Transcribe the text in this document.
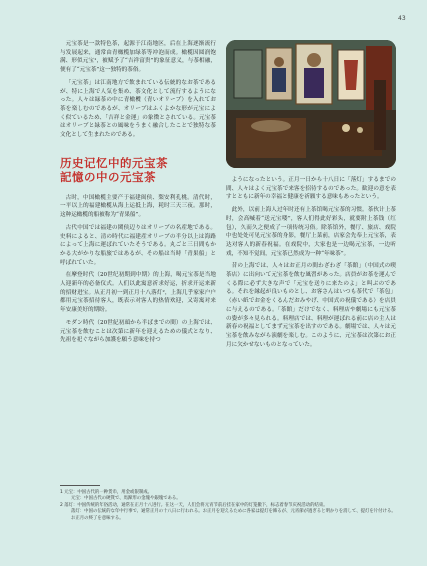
43

元宝茶是一款特色茶，起源于江南地区，后在上海逐渐流行与发展起来，通常由青橄榄加绿茶等冲泡而成。橄榄因圆润饱满、形似元宝¹，被赋予了“吉祥富贵”的象征意义，与茶相融，便有了“元宝茶”这一独特的茶俗。

「元宝茶」は江南地方で飲まれている伝統的なお茶であるが、特に上海で人気を集め、茶文化として流行するようになった。人々は緑茶の中に青橄欖（青いオリーブ）を入れてお茶を楽しむのであるが、オリーブはふくよかな形が元宝によく似ているため、「吉祥と金運」の象徴とされている。元宝茶はオリーブと緑茶との風味をうまく融合したことで独特な茶文化として生まれたのである。

历史记忆中的元宝茶
記憶の中の元宝茶

古时，中国橄榄主要产于福建闽侯、梨安利孔桃。清代时，一平以上的福建橄榄从海上运抵上海，耗时三天三夜。那时，这种运橄榄的船被称为“青果船”。

古代中国では福建の閩侯辺りはオリーブの名産地である。史料によると、清の時代に福建産オリーブの半分以上は海路によって上海に運ばれていたそうである。丸ごと三日間もかかる大がかりな船旅ではあるが、その船は当時「青果船」と呼ばれていた。

在摩登时代（20世纪初期到中期）的上海，喝元宝茶是当地人迎新年的必备仪式。人们以此寓意祈求好运，折求开运来新的招财进宝。从正月初一到正月十八落灯²，上海几乎家家户户都用元宝茶招待客人，既表示对客人的热情欢迎，又寄寓对来年安康美好的期盼。

モダン時代（20世紀初頭から半ばまでの間）の上海では、元宝茶を飲むことは次第に新年を迎えるための儀式となり、先祖を祀ぐながら加護を願う意味を持つ

ようになったという。正月一日から十八日に「落灯」するまでの間、人々はよく元宝茶で来客を招待するのであった。歓迎の意を表すとともに新年の幸福と健康を祈願する意味もあったという。

此外，以前上海人过年时还有上茶馆喝元宝茶的习惯。茶伙计上茶时，会高喊着“送元宝喽”，客人们得此好彩头，就要附上茶钱（红包），久而久之便成了一项传统习俗。除茶馆外，餐厅、旅店、戏院中也处处可见元宝茶的身影，餐厅上菜前，店家会先奉上元宝茶，表达对客人的新春祝福。在戏院中，大家也是一边喝元宝茶，一边听戏，不知不觉间，元宝茶已然成为一种“年味茶”。

昔の上海では、人々はお正月の間わざわざ「茶館」（中国式の喫茶店）に出向いて元宝茶を飲む風習があった。店員がお茶を運んでくる際に必ず大きな声で「元宝を送りに来たのよ」と叫ぶのである。それを縁起が良いものとし、お客さんはいつも茶代で「茶包」（赤い紙でお金をくるんだおみやげ、中国式の祝儀である）を店員に与えるのである。「茶館」だけでなく、料理店や劇場にも元宝茶の姿が多々見られる。料理店では、料理が運ばれる前に店の主人は新春の祝福としてまず元宝茶を出すのである。劇場では、人々は元宝茶を飲みながら演劇を楽しむ。このように、元宝茶は次第にお正月に欠かせないものとなっていた。

1 元宝：中国古代的一种货币，用金或银制成。
元宝：中国古代の硬貨で、馬蹄形の金塊や銀塊である。
2 落灯：中国传统的年俗活动，通常在正月十八进行。在这一天，人们会将元宵节前后挂在家中的灯笼撤下，标志着春节庆祝活动的结束。
落灯：中国の伝統的な年中行事で、通常正月の十八日に行われる。お正月を迎えるために各家は提灯を飾るが、元宵節が過ぎると明かりを消して、提灯を片付ける。お正月の終了を意味する。
